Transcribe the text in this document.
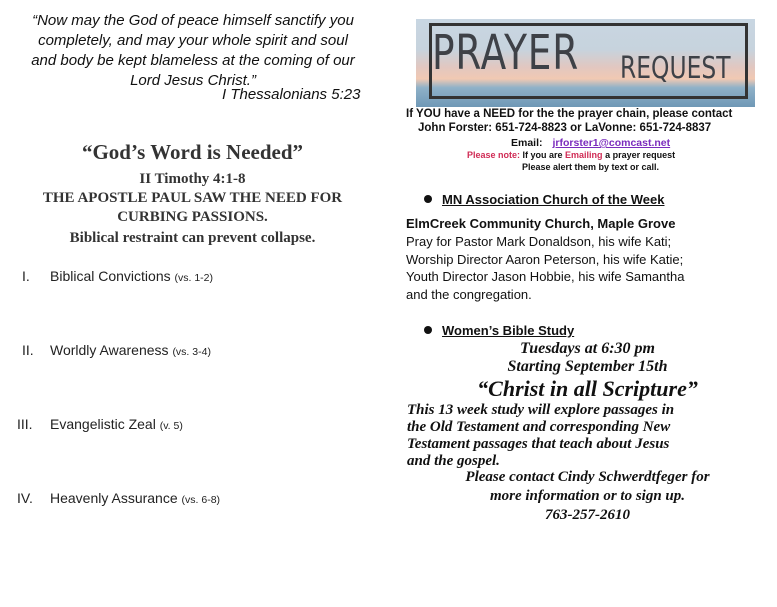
“Now may the God of peace himself sanctify you
completely, and may your whole spirit and soul
and body be kept blameless at the coming of our
Lord Jesus Christ.”
I Thessalonians 5:23
“God’s Word is Needed”
II Timothy 4:1-8
THE APOSTLE PAUL SAW THE NEED FOR
CURBING PASSIONS.
Biblical restraint can prevent collapse.
I. Biblical Convictions (vs. 1-2)
II. Worldly Awareness (vs. 3-4)
III. Evangelistic Zeal (v. 5)
IV. Heavenly Assurance (vs. 6-8)
PRAYER REQUEST
If YOU have a NEED for the the prayer chain, please contact
John Forster: 651-724-8823 or LaVonne: 651-724-8837
Email: jrforster1@comcast.net
Please note: If you are Emailing a prayer request
Please alert them by text or call.
MN Association Church of the Week
ElmCreek Community Church, Maple Grove
Pray for Pastor Mark Donaldson, his wife Kati;
Worship Director Aaron Peterson, his wife Katie;
Youth Director Jason Hobbie, his wife Samantha
and the congregation.
Women’s Bible Study
Tuesdays at 6:30 pm
Starting September 15th
“Christ in all Scripture”
This 13 week study will explore passages in
the Old Testament and corresponding New
Testament passages that teach about Jesus
and the gospel.
Please contact Cindy Schwerdtfeger for
more information or to sign up.
763-257-2610
